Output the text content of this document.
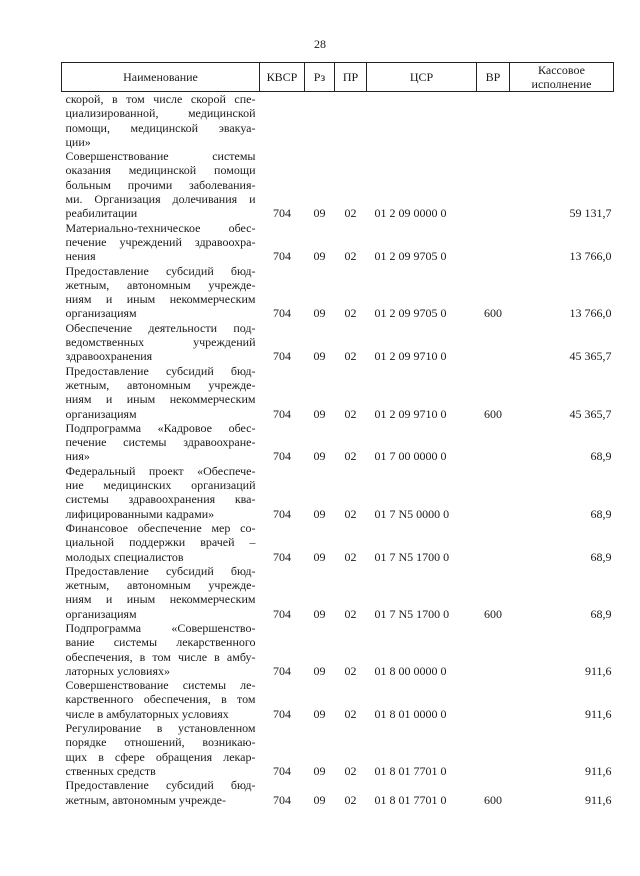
28
Наименование	КВСР	Рз	ПР	ЦСР	ВР	Кассовое исполнение

скорой, в том числе скорой спе-
циализированной, медицинской
помощи, медицинской эвакуа-
ции»						

Совершенствование системы
оказания медицинской помощи
больным прочими заболевания-
ми. Организация долечивания и
реабилитации	704	09	02	01 2 09 0000 0		59 131,7

Материально-техническое обес-
печение учреждений здравоохра-
нения	704	09	02	01 2 09 9705 0		13 766,0

Предоставление субсидий бюд-
жетным, автономным учрежде-
ниям и иным некоммерческим
организациям	704	09	02	01 2 09 9705 0	600	13 766,0

Обеспечение деятельности под-
ведомственных учреждений
здравоохранения	704	09	02	01 2 09 9710 0		45 365,7

Предоставление субсидий бюд-
жетным, автономным учрежде-
ниям и иным некоммерческим
организациям	704	09	02	01 2 09 9710 0	600	45 365,7

Подпрограмма «Кадровое обес-
печение системы здравоохране-
ния»	704	09	02	01 7 00 0000 0		68,9

Федеральный проект «Обеспече-
ние медицинских организаций
системы здравоохранения ква-
лифицированными кадрами»	704	09	02	01 7 N5 0000 0		68,9

Финансовое обеспечение мер со-
циальной поддержки врачей –
молодых специалистов	704	09	02	01 7 N5 1700 0		68,9

Предоставление субсидий бюд-
жетным, автономным учрежде-
ниям и иным некоммерческим
организациям	704	09	02	01 7 N5 1700 0	600	68,9

Подпрограмма «Совершенство-
вание системы лекарственного
обеспечения, в том числе в амбу-
латорных условиях»	704	09	02	01 8 00 0000 0		911,6

Совершенствование системы ле-
карственного обеспечения, в том
числе в амбулаторных условиях	704	09	02	01 8 01 0000 0		911,6

Регулирование в установленном
порядке отношений, возникаю-
щих в сфере обращения лекар-
ственных средств	704	09	02	01 8 01 7701 0		911,6

Предоставление субсидий бюд-
жетным, автономным учрежде-	704	09	02	01 8 01 7701 0	600	911,6
